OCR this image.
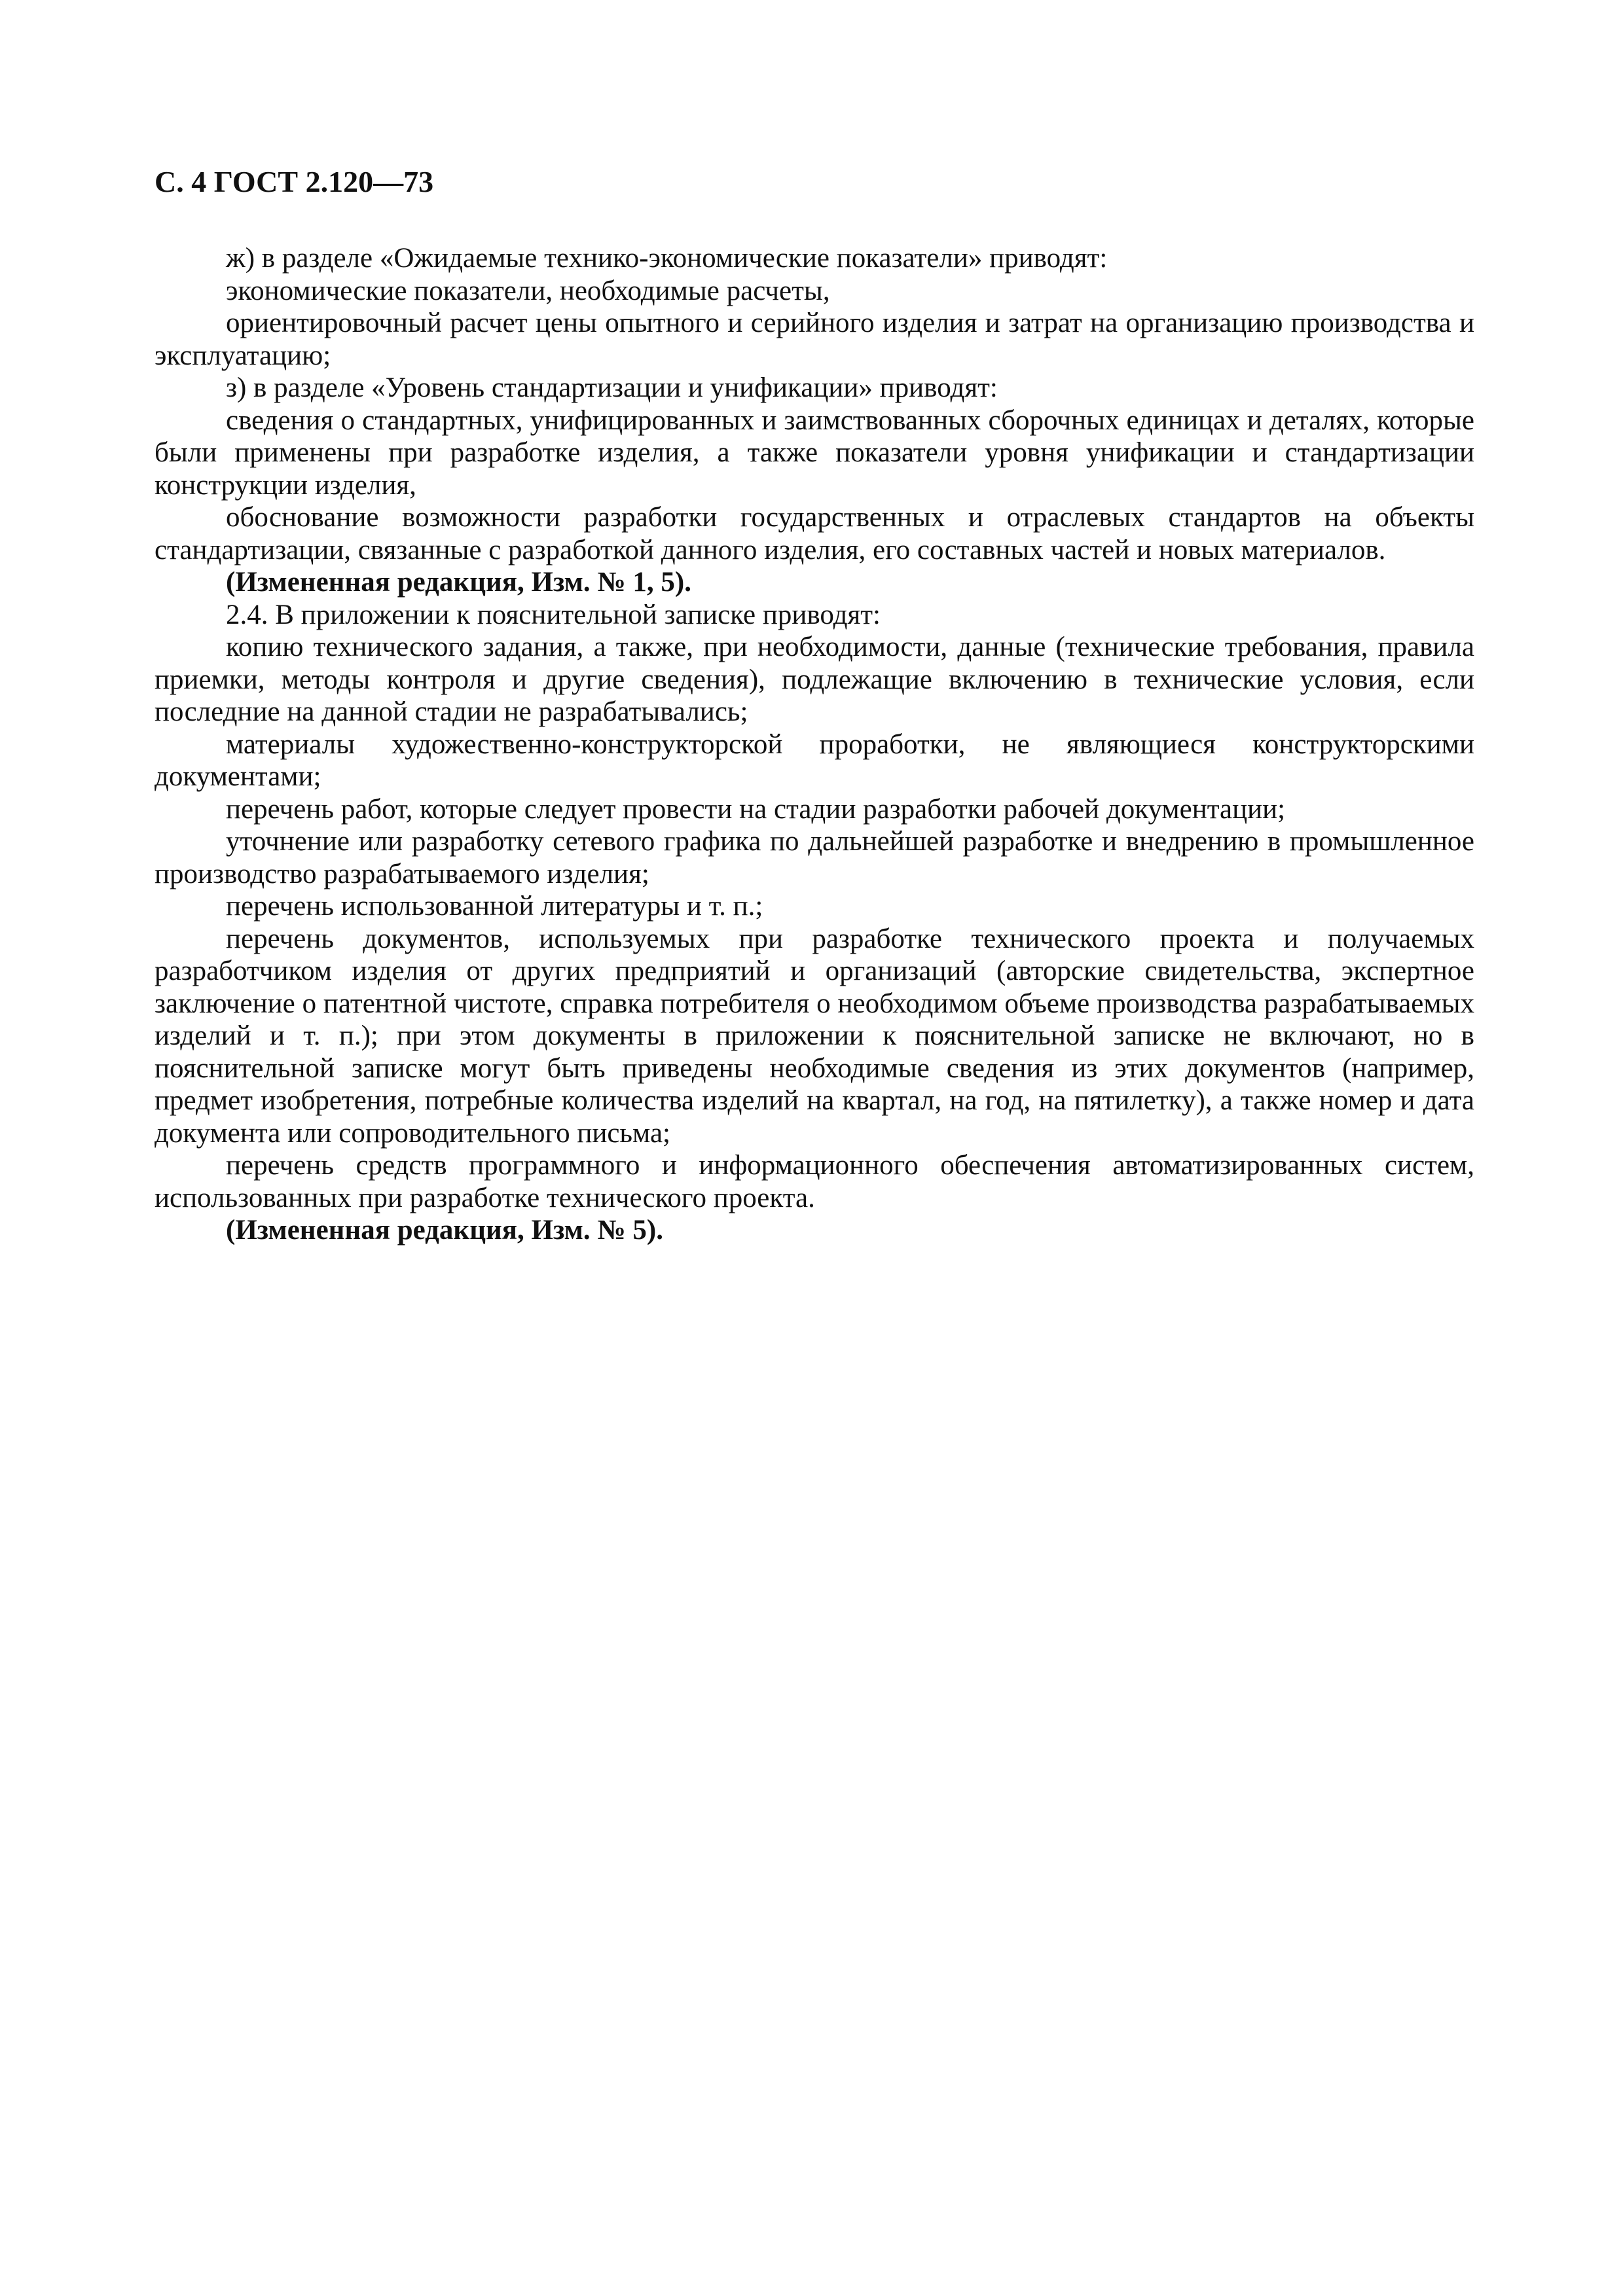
С. 4 ГОСТ 2.120—73

ж) в разделе «Ожидаемые технико-экономические показатели» приводят:

экономические показатели, необходимые расчеты,

ориентировочный расчет цены опытного и серийного изделия и затрат на организацию производства и эксплуатацию;

з) в разделе «Уровень стандартизации и унификации» приводят:

сведения о стандартных, унифицированных и заимствованных сборочных единицах и деталях, которые были применены при разработке изделия, а также показатели уровня унификации и стандартизации конструкции изделия,

обоснование возможности разработки государственных и отраслевых стандартов на объекты стандартизации, связанные с разработкой данного изделия, его составных частей и новых материалов.

(Измененная редакция, Изм. № 1, 5).

2.4. В приложении к пояснительной записке приводят:

копию технического задания, а также, при необходимости, данные (технические требования, правила приемки, методы контроля и другие сведения), подлежащие включению в технические условия, если последние на данной стадии не разрабатывались;

материалы художественно-конструкторской проработки, не являющиеся конструкторскими документами;

перечень работ, которые следует провести на стадии разработки рабочей документации;

уточнение или разработку сетевого графика по дальнейшей разработке и внедрению в промышленное производство разрабатываемого изделия;

перечень использованной литературы и т. п.;

перечень документов, используемых при разработке технического проекта и получаемых разработчиком изделия от других предприятий и организаций (авторские свидетельства, экспертное заключение о патентной чистоте, справка потребителя о необходимом объеме производства разрабатываемых изделий и т. п.); при этом документы в приложении к пояснительной записке не включают, но в пояснительной записке могут быть приведены необходимые сведения из этих документов (например, предмет изобретения, потребные количества изделий на квартал, на год, на пятилетку), а также номер и дата документа или сопроводительного письма;

перечень средств программного и информационного обеспечения автоматизированных систем, использованных при разработке технического проекта.

(Измененная редакция, Изм. № 5).
